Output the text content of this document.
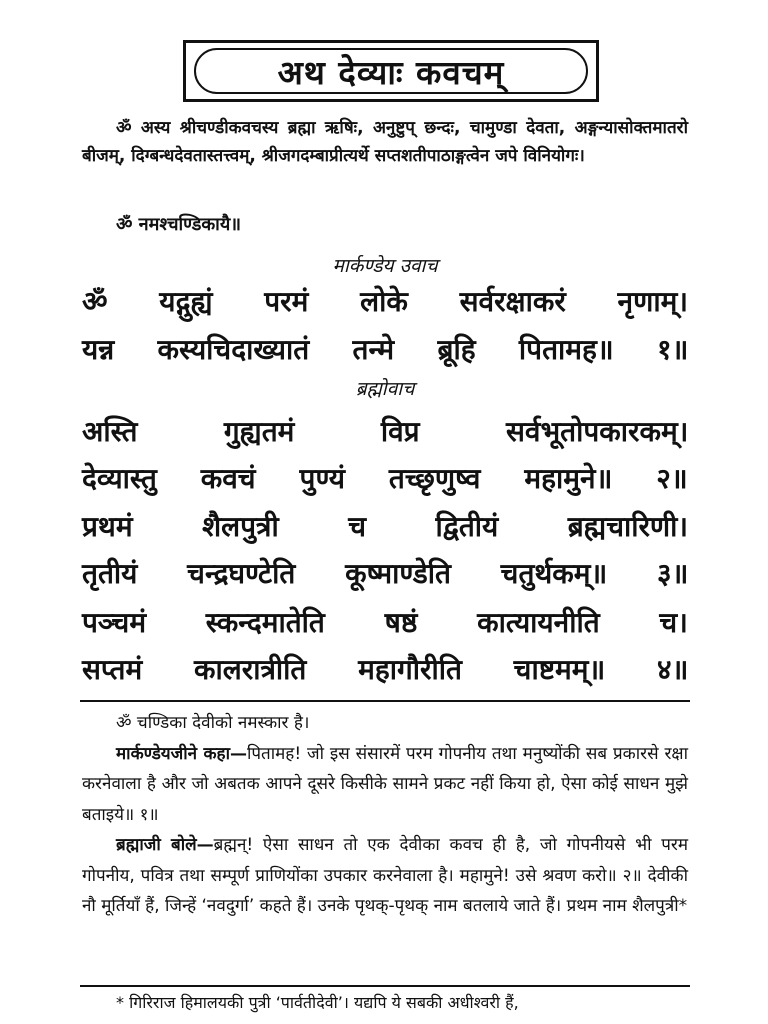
अथ देव्याः कवचम्
ॐ अस्य श्रीचण्डीकवचस्य ब्रह्मा ऋषिः, अनुष्टुप् छन्दः, चामुण्डा देवता, अङ्गन्यासोक्तमातरो बीजम्, दिग्बन्धदेवतास्तत्त्वम्, श्रीजगदम्बाप्रीत्यर्थे सप्तशतीपाठाङ्गत्वेन जपे विनियोगः।
ॐ नमश्चण्डिकायै॥
मार्कण्डेय उवाच
ॐ यद्गुह्यं परमं लोके सर्वरक्षाकरं नृणाम्।
यन्न कस्यचिदाख्यातं तन्मे ब्रूहि पितामह॥ १॥
ब्रह्मोवाच
अस्ति गुह्यतमं विप्र सर्वभूतोपकारकम्।
देव्यास्तु कवचं पुण्यं तच्छृणुष्व महामुने॥ २॥
प्रथमं शैलपुत्री च द्वितीयं ब्रह्मचारिणी।
तृतीयं चन्द्रघण्टेति कूष्माण्डेति चतुर्थकम्॥ ३॥
पञ्चमं स्कन्दमातेति षष्ठं कात्यायनीति च।
सप्तमं कालरात्रीति महागौरीति चाष्टमम्॥ ४॥
ॐ चण्डिका देवीको नमस्कार है।
मार्कण्डेयजीने कहा—पितामह! जो इस संसारमें परम गोपनीय तथा मनुष्योंकी सब प्रकारसे रक्षा करनेवाला है और जो अबतक आपने दूसरे किसीके सामने प्रकट नहीं किया हो, ऐसा कोई साधन मुझे बताइये॥ १॥
ब्रह्माजी बोले—ब्रह्मन्! ऐसा साधन तो एक देवीका कवच ही है, जो गोपनीयसे भी परम गोपनीय, पवित्र तथा सम्पूर्ण प्राणियोंका उपकार करनेवाला है। महामुने! उसे श्रवण करो॥ २॥ देवीकी नौ मूर्तियाँ हैं, जिन्हें ‘नवदुर्गा’ कहते हैं। उनके पृथक्-पृथक् नाम बतलाये जाते हैं। प्रथम नाम शैलपुत्री*
* गिरिराज हिमालयकी पुत्री ‘पार्वतीदेवी’। यद्यपि ये सबकी अधीश्वरी हैं,
